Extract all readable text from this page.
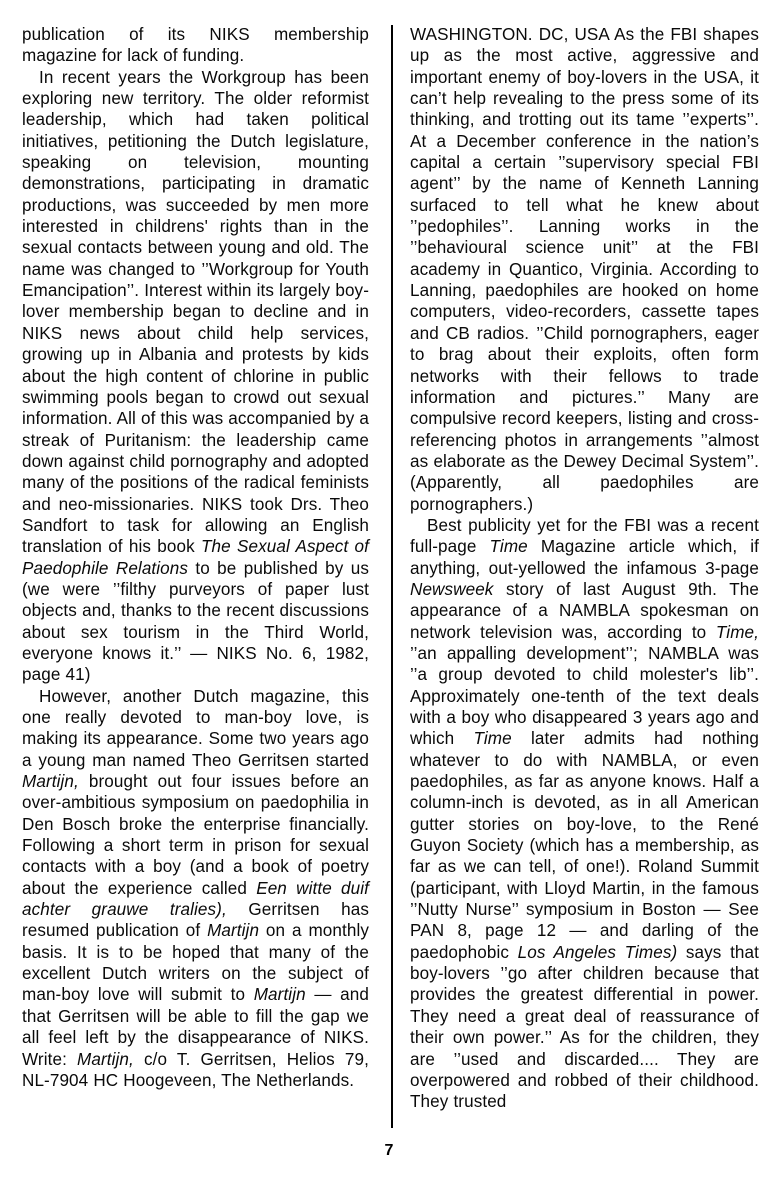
publication of its NIKS membership magazine for lack of funding.

In recent years the Workgroup has been exploring new territory. The older reformist leadership, which had taken political initiatives, petitioning the Dutch legislature, speaking on television, mounting demonstrations, participating in dramatic productions, was succeeded by men more interested in childrens' rights than in the sexual contacts between young and old. The name was changed to ’’Workgroup for Youth Emancipation’’. Interest within its largely boy-lover membership began to decline and in NIKS news about child help services, growing up in Albania and protests by kids about the high content of chlorine in public swimming pools began to crowd out sexual information. All of this was accompanied by a streak of Puritanism: the leadership came down against child pornography and adopted many of the positions of the radical feminists and neo-missionaries. NIKS took Drs. Theo Sandfort to task for allowing an English translation of his book The Sexual Aspect of Paedophile Relations to be published by us (we were ’’filthy purveyors of paper lust objects and, thanks to the recent discussions about sex tourism in the Third World, everyone knows it.’’ — NIKS No. 6, 1982, page 41)

However, another Dutch magazine, this one really devoted to man-boy love, is making its appearance. Some two years ago a young man named Theo Gerritsen started Martijn, brought out four issues before an over-ambitious symposium on paedophilia in Den Bosch broke the enterprise financially. Following a short term in prison for sexual contacts with a boy (and a book of poetry about the experience called Een witte duif achter grauwe tralies), Gerritsen has resumed publication of Martijn on a monthly basis. It is to be hoped that many of the excellent Dutch writers on the subject of man-boy love will submit to Martijn — and that Gerritsen will be able to fill the gap we all feel left by the disappearance of NIKS. Write: Martijn, c/o T. Gerritsen, Helios 79, NL-7904 HC Hoogeveen, The Netherlands.

WASHINGTON. DC, USA As the FBI shapes up as the most active, aggressive and important enemy of boy-lovers in the USA, it can’t help revealing to the press some of its thinking, and trotting out its tame ’’experts’’. At a December conference in the nation’s capital a certain ’’supervisory special FBI agent’’ by the name of Kenneth Lanning surfaced to tell what he knew about ’’pedophiles’’. Lanning works in the ’’behavioural science unit’’ at the FBI academy in Quantico, Virginia. According to Lanning, paedophiles are hooked on home computers, video-recorders, cassette tapes and CB radios. ’’Child pornographers, eager to brag about their exploits, often form networks with their fellows to trade information and pictures.’’ Many are compulsive record keepers, listing and cross-referencing photos in arrangements ’’almost as elaborate as the Dewey Decimal System’’. (Apparently, all paedophiles are pornographers.)

Best publicity yet for the FBI was a recent full-page Time Magazine article which, if anything, out-yellowed the infamous 3-page Newsweek story of last August 9th. The appearance of a NAMBLA spokesman on network television was, according to Time, ’’an appalling development’’; NAMBLA was ’’a group devoted to child molester's lib’’. Approximately one-tenth of the text deals with a boy who disappeared 3 years ago and which Time later admits had nothing whatever to do with NAMBLA, or even paedophiles, as far as anyone knows. Half a column-inch is devoted, as in all American gutter stories on boy-love, to the René Guyon Society (which has a membership, as far as we can tell, of one!). Roland Summit (participant, with Lloyd Martin, in the famous ’’Nutty Nurse’’ symposium in Boston — See PAN 8, page 12 — and darling of the paedophobic Los Angeles Times) says that boy-lovers ’’go after children because that provides the greatest differential in power. They need a great deal of reassurance of their own power.’’ As for the children, they are ’’used and discarded.... They are overpowered and robbed of their childhood. They trusted

7
